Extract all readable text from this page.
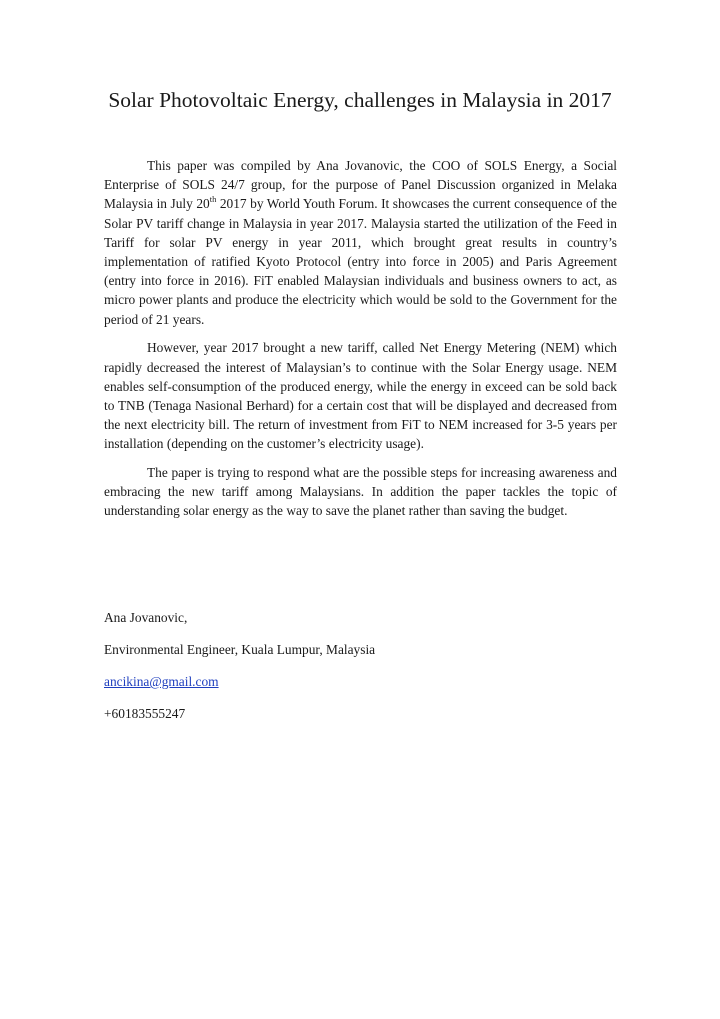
Solar Photovoltaic Energy, challenges in Malaysia in 2017

This paper was compiled by Ana Jovanovic, the COO of SOLS Energy, a Social Enterprise of SOLS 24/7 group, for the purpose of Panel Discussion organized in Melaka Malaysia in July 20th 2017 by World Youth Forum. It showcases the current consequence of the Solar PV tariff change in Malaysia in year 2017. Malaysia started the utilization of the Feed in Tariff for solar PV energy in year 2011, which brought great results in country’s implementation of ratified Kyoto Protocol (entry into force in 2005) and Paris Agreement (entry into force in 2016). FiT enabled Malaysian individuals and business owners to act, as micro power plants and produce the electricity which would be sold to the Government for the period of 21 years.

However, year 2017 brought a new tariff, called Net Energy Metering (NEM) which rapidly decreased the interest of Malaysian’s to continue with the Solar Energy usage. NEM enables self-consumption of the produced energy, while the energy in exceed can be sold back to TNB (Tenaga Nasional Berhard) for a certain cost that will be displayed and decreased from the next electricity bill. The return of investment from FiT to NEM increased for 3-5 years per installation (depending on the customer’s electricity usage).

The paper is trying to respond what are the possible steps for increasing awareness and embracing the new tariff among Malaysians. In addition the paper tackles the topic of understanding solar energy as the way to save the planet rather than saving the budget.

Ana Jovanovic,
Environmental Engineer, Kuala Lumpur, Malaysia
ancikina@gmail.com
+60183555247
